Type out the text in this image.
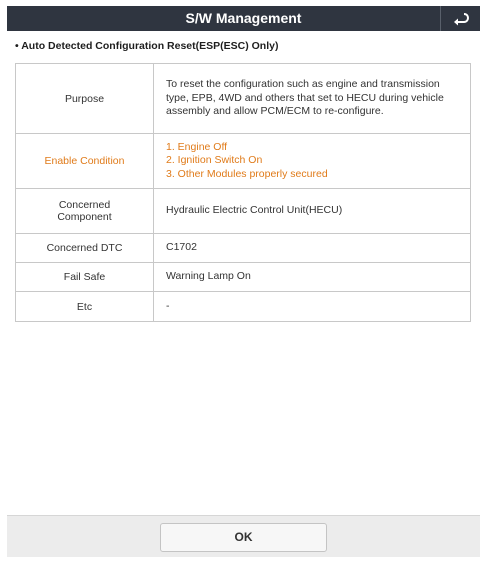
S/W Management
• Auto Detected Configuration Reset(ESP(ESC) Only)
Purpose	To reset the configuration such as engine and transmission type, EPB, 4WD and others that set to HECU during vehicle assembly and allow PCM/ECM to re-configure.
Enable Condition	1. Engine Off
2. Ignition Switch On
3. Other Modules properly secured

Concerned
Component	Hydraulic Electric Control Unit(HECU)
Concerned DTC	C1702
Fail Safe	Warning Lamp On
Etc	-
OK
